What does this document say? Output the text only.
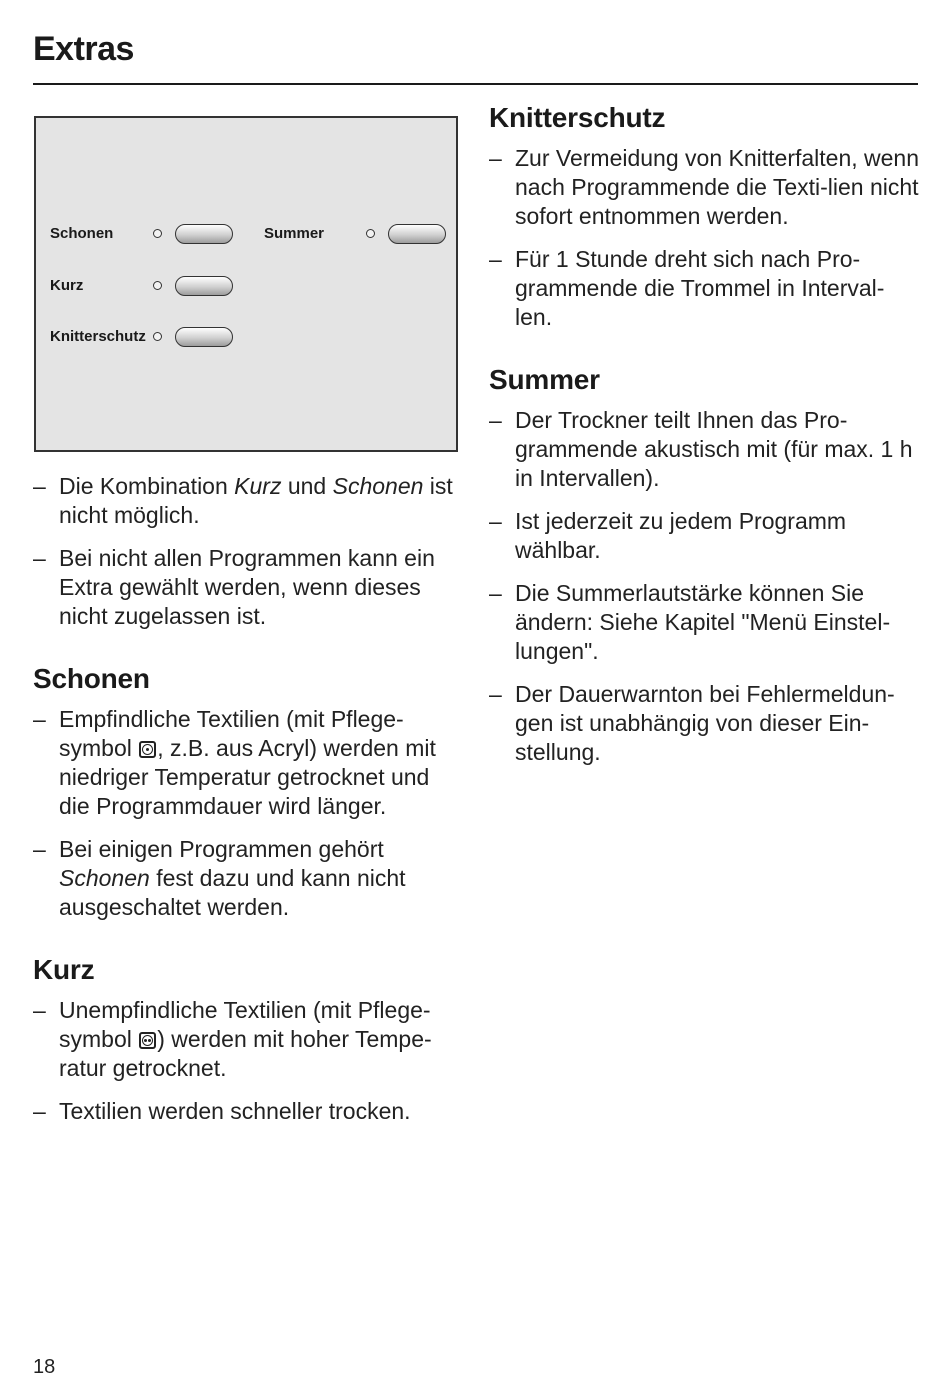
Extras
Schonen	Summer
Kurz
Knitterschutz
– Die Kombination Kurz und Schonen ist nicht möglich.
– Bei nicht allen Programmen kann ein Extra gewählt werden, wenn dieses nicht zugelassen ist.
Schonen
– Empfindliche Textilien (mit Pflege-symbol
, z.B. aus Acryl) werden mit niedriger Temperatur getrocknet und die Programmdauer wird länger.
– Bei einigen Programmen gehört Schonen fest dazu und kann nicht ausgeschaltet werden.
Kurz
– Unempfindliche Textilien (mit Pflege-symbol
) werden mit hoher Tempe-ratur getrocknet.
– Textilien werden schneller trocken.
Knitterschutz
– Zur Vermeidung von Knitterfalten, wenn nach Programmende die Texti-lien nicht sofort entnommen werden.
– Für 1 Stunde dreht sich nach Pro-grammende die Trommel in Interval-len.
Summer
– Der Trockner teilt Ihnen das Pro-grammende akustisch mit (für max. 1 h in Intervallen).
– Ist jederzeit zu jedem Programm wählbar.
– Die Summerlautstärke können Sie ändern: Siehe Kapitel "Menü Einstel-lungen".
– Der Dauerwarnton bei Fehlermeldun-gen ist unabhängig von dieser Ein-stellung.
18
